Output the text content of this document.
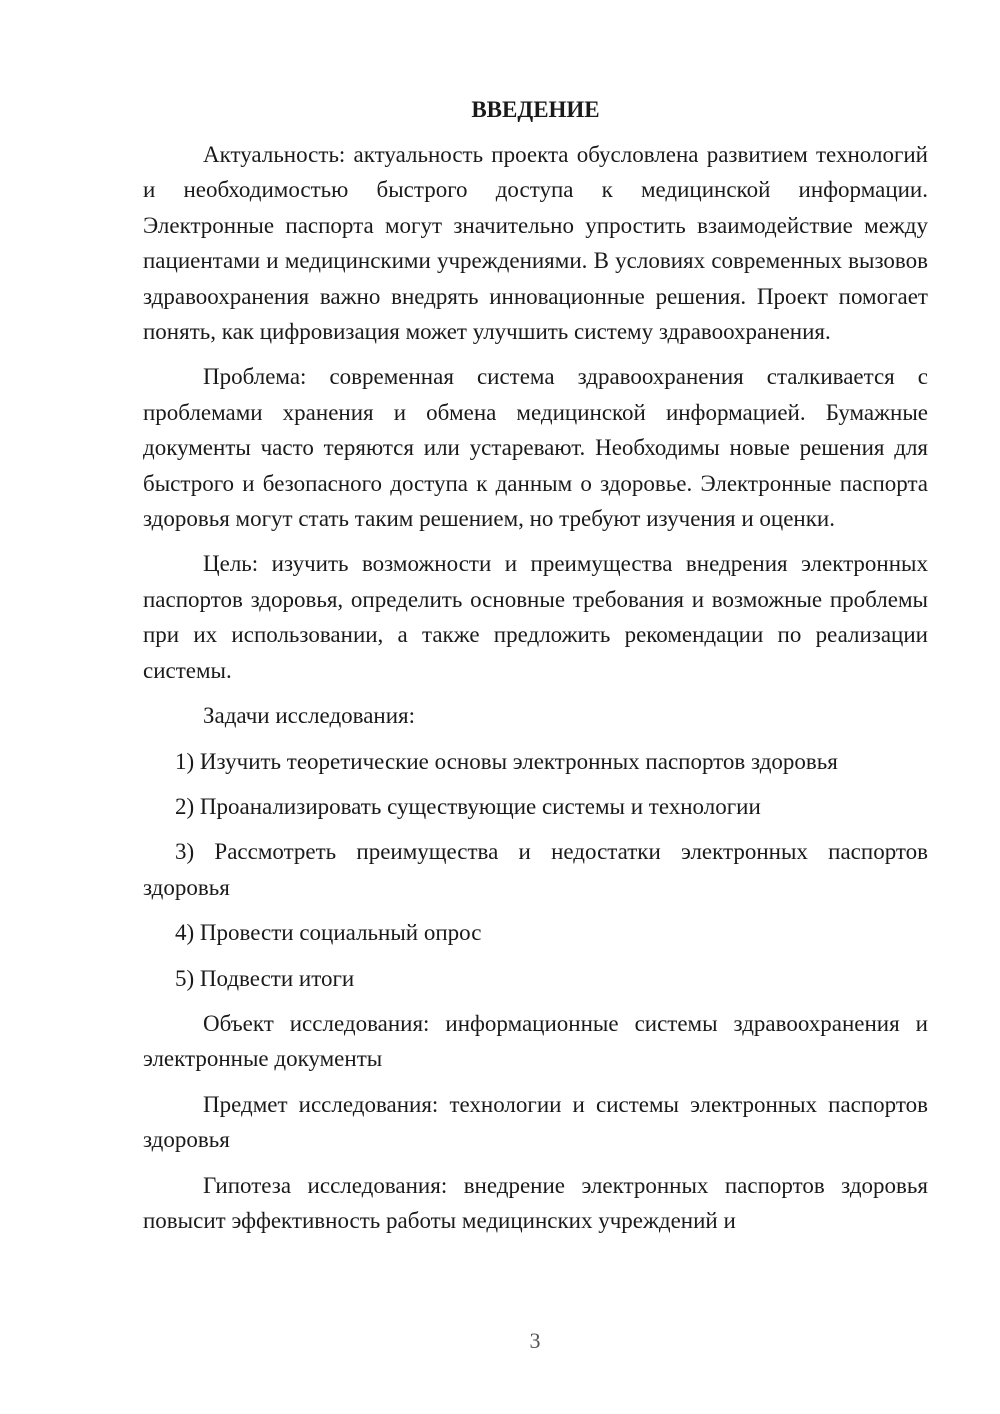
ВВЕДЕНИЕ

Актуальность: актуальность проекта обусловлена развитием технологий и необходимостью быстрого доступа к медицинской информации. Электронные паспорта могут значительно упростить взаимодействие между пациентами и медицинскими учреждениями. В условиях современных вызовов здравоохранения важно внедрять инновационные решения. Проект помогает понять, как цифровизация может улучшить систему здравоохранения.

Проблема: современная система здравоохранения сталкивается с проблемами хранения и обмена медицинской информацией. Бумажные документы часто теряются или устаревают. Необходимы новые решения для быстрого и безопасного доступа к данным о здоровье. Электронные паспорта здоровья могут стать таким решением, но требуют изучения и оценки.

Цель: изучить возможности и преимущества внедрения электронных паспортов здоровья, определить основные требования и возможные проблемы при их использовании, а также предложить рекомендации по реализации системы.

Задачи исследования:

1) Изучить теоретические основы электронных паспортов здоровья

2) Проанализировать существующие системы и технологии

3) Рассмотреть преимущества и недостатки электронных паспортов здоровья

4) Провести социальный опрос

5) Подвести итоги

Объект исследования: информационные системы здравоохранения и электронные документы

Предмет исследования: технологии и системы электронных паспортов здоровья

Гипотеза исследования: внедрение электронных паспортов здоровья повысит эффективность работы медицинских учреждений и

3
